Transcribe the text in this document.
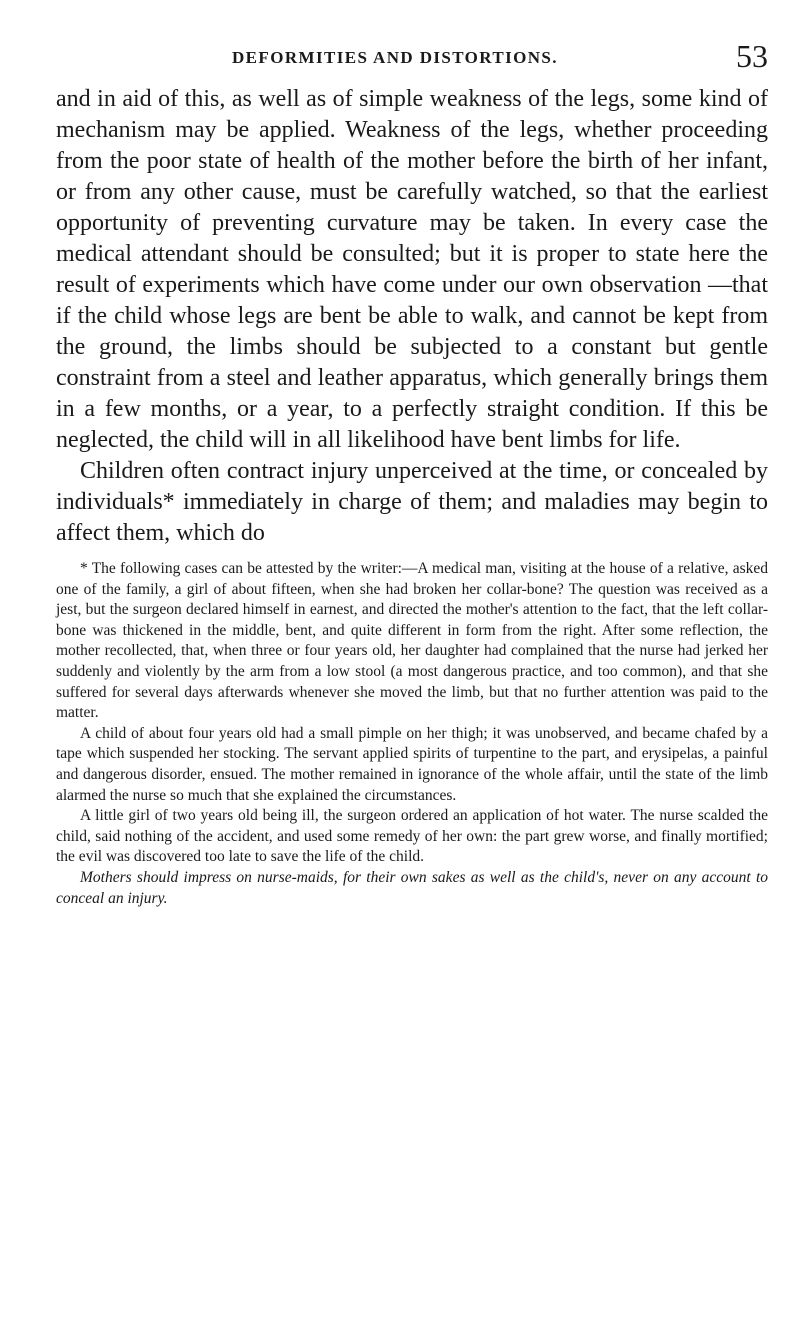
DEFORMITIES AND DISTORTIONS.	53

and in aid of this, as well as of simple weakness of the legs, some kind of mechanism may be applied. Weakness of the legs, whether proceeding from the poor state of health of the mother before the birth of her infant, or from any other cause, must be carefully watched, so that the earliest opportunity of preventing curvature may be taken. In every case the medical attendant should be consulted; but it is proper to state here the result of experiments which have come under our own observation —that if the child whose legs are bent be able to walk, and cannot be kept from the ground, the limbs should be subjected to a constant but gentle constraint from a steel and leather apparatus, which generally brings them in a few months, or a year, to a perfectly straight condition. If this be neglected, the child will in all likelihood have bent limbs for life.

Children often contract injury unperceived at the time, or concealed by individuals* immediately in charge of them; and maladies may begin to affect them, which do

* The following cases can be attested by the writer:—A medical man, visiting at the house of a relative, asked one of the family, a girl of about fifteen, when she had broken her collar-bone? The question was received as a jest, but the surgeon declared himself in earnest, and directed the mother's attention to the fact, that the left collar-bone was thickened in the middle, bent, and quite different in form from the right. After some reflection, the mother recollected, that, when three or four years old, her daughter had complained that the nurse had jerked her suddenly and violently by the arm from a low stool (a most dangerous practice, and too common), and that she suffered for several days afterwards whenever she moved the limb, but that no further attention was paid to the matter.

A child of about four years old had a small pimple on her thigh; it was unobserved, and became chafed by a tape which suspended her stocking. The servant applied spirits of turpentine to the part, and erysipelas, a painful and dangerous disorder, ensued. The mother remained in ignorance of the whole affair, until the state of the limb alarmed the nurse so much that she explained the circumstances.

A little girl of two years old being ill, the surgeon ordered an application of hot water. The nurse scalded the child, said nothing of the accident, and used some remedy of her own: the part grew worse, and finally mortified; the evil was discovered too late to save the life of the child.

Mothers should impress on nurse-maids, for their own sakes as well as the child's, never on any account to conceal an injury.
